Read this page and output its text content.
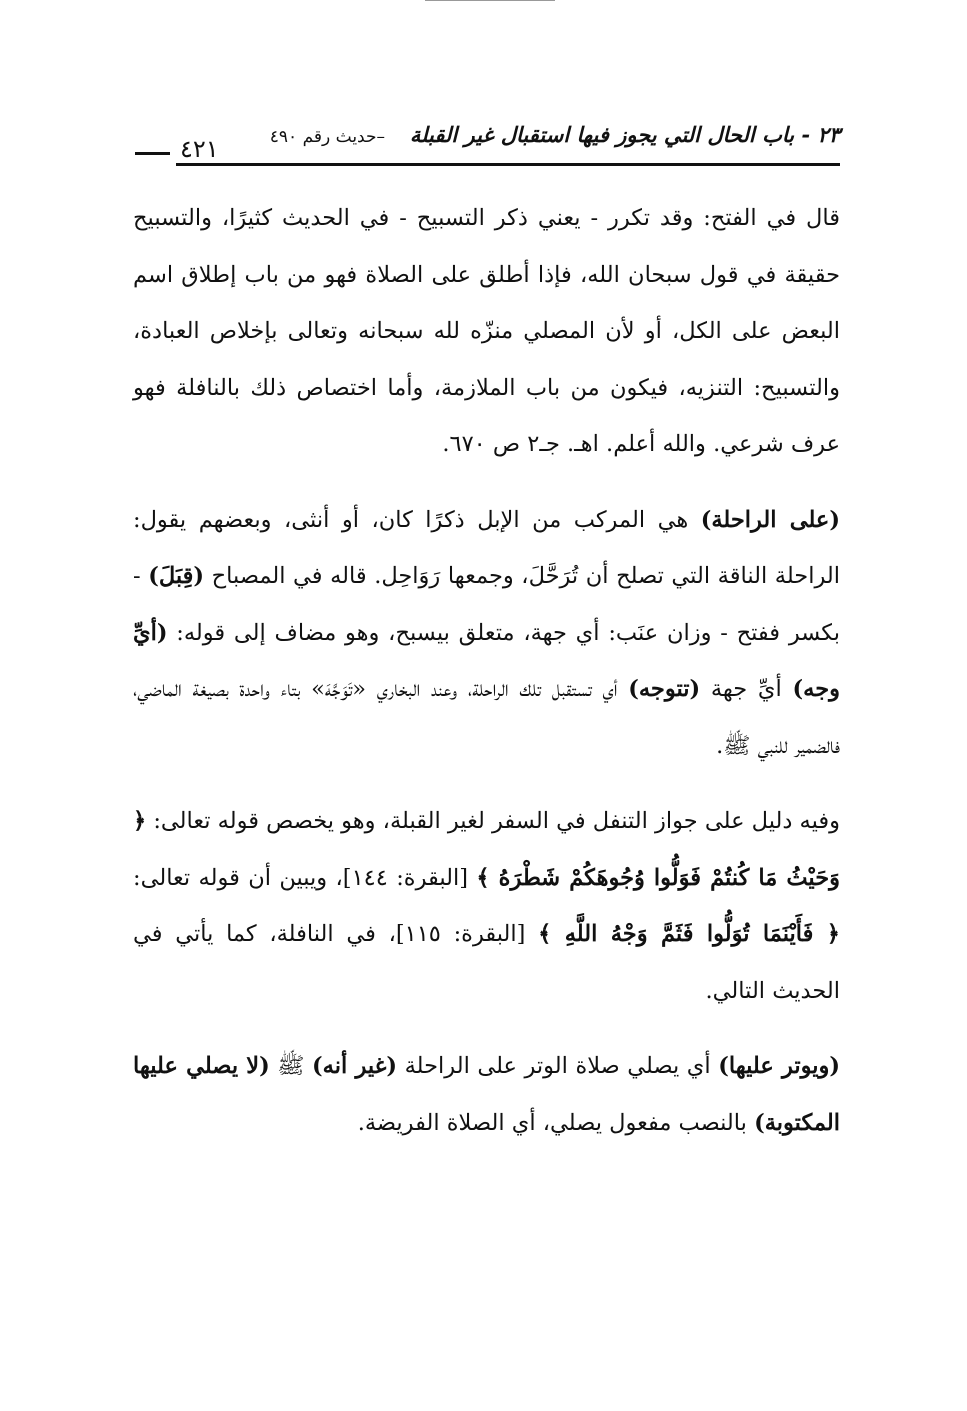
٢٣ - باب الحال التي يجوز فيها استقبال غير القبلة
–حديث رقم ٤٩٠
٤٢١

قال في الفتح: وقد تكرر - يعني ذكر التسبيح - في الحديث كثيرًا، والتسبيح حقيقة في قول سبحان الله، فإذا أطلق على الصلاة فهو من باب إطلاق اسم البعض على الكل، أو لأن المصلي منزّه لله سبحانه وتعالى بإخلاص العبادة، والتسبيح: التنزيه، فيكون من باب الملازمة، وأما اختصاص ذلك بالنافلة فهو عرف شرعي. والله أعلم. اهـ. جـ٢ ص ٦٧٠.

(على الراحلة) هي المركب من الإبل ذكرًا كان، أو أنثى، وبعضهم يقول: الراحلة الناقة التي تصلح أن تُرَحَّلَ، وجمعها رَوَاحِل. قاله في المصباح (قِبَلَ) - بكسر ففتح - وزان عنَب: أي جهة، متعلق بيسبح، وهو مضاف إلى قوله: (أيِّ وجه) أيِّ جهة (تتوجه) أي تستقبل تلك الراحلة، وعند البخاري «تَوَجَّهَ» بتاء واحدة بصيغة الماضي، فالضمير للنبي ﷺ.

وفيه دليل على جواز التنفل في السفر لغير القبلة، وهو يخصص قوله تعالى: ﴿ وَحَيْثُ مَا كُنتُمْ فَوَلُّوا وُجُوهَكُمْ شَطْرَهُ ﴾ [البقرة: ١٤٤]، ويبين أن قوله تعالى: ﴿ فَأَيْنَمَا تُوَلُّوا فَثَمَّ وَجْهُ اللَّهِ ﴾ [البقرة: ١١٥]، في النافلة، كما يأتي في الحديث التالي.

(ويوتر عليها) أي يصلي صلاة الوتر على الراحلة (غير أنه) ﷺ (لا يصلي عليها المكتوبة) بالنصب مفعول يصلي، أي الصلاة الفريضة.
